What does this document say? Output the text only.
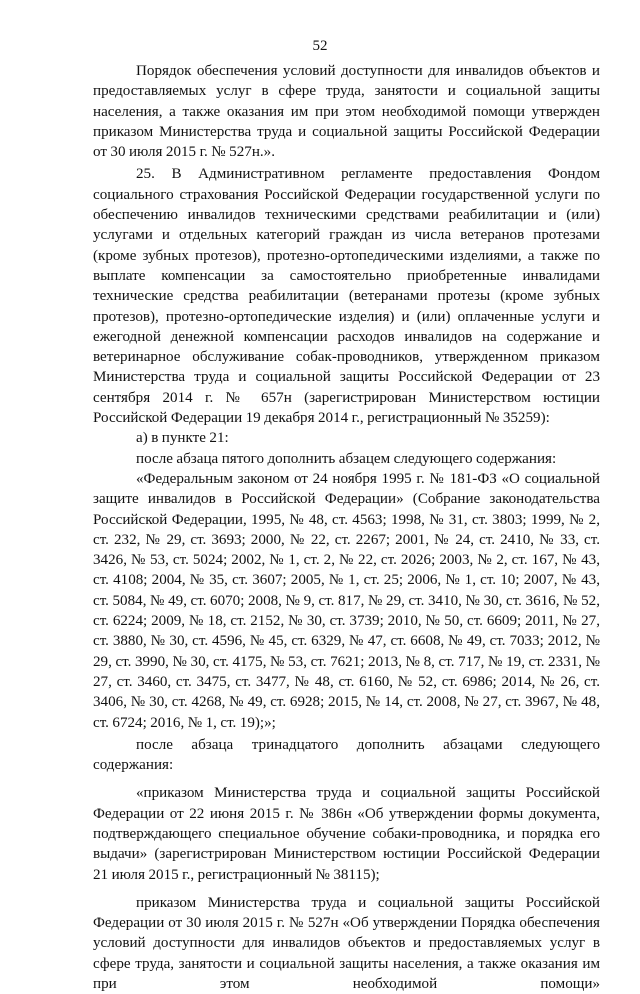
52

Порядок обеспечения условий доступности для инвалидов объектов и предоставляемых услуг в сфере труда, занятости и социальной защиты населения, а также оказания им при этом необходимой помощи утвержден приказом Министерства труда и социальной защиты Российской Федерации от 30 июля 2015 г. № 527н.».

25. В Административном регламенте предоставления Фондом социального страхования Российской Федерации государственной услуги по обеспечению инвалидов техническими средствами реабилитации и (или) услугами и отдельных категорий граждан из числа ветеранов протезами (кроме зубных протезов), протезно-ортопедическими изделиями, а также по выплате компенсации за самостоятельно приобретенные инвалидами технические средства реабилитации (ветеранами протезы (кроме зубных протезов), протезно-ортопедические изделия) и (или) оплаченные услуги и ежегодной денежной компенсации расходов инвалидов на содержание и ветеринарное обслуживание собак-проводников, утвержденном приказом Министерства труда и социальной защиты Российской Федерации от 23 сентября 2014 г. № 657н (зарегистрирован Министерством юстиции Российской Федерации 19 декабря 2014 г., регистрационный № 35259):

а) в пункте 21:

после абзаца пятого дополнить абзацем следующего содержания:

«Федеральным законом от 24 ноября 1995 г. № 181-ФЗ «О социальной защите инвалидов в Российской Федерации» (Собрание законодательства Российской Федерации, 1995, № 48, ст. 4563; 1998, № 31, ст. 3803; 1999, № 2, ст. 232, № 29, ст. 3693; 2000, № 22, ст. 2267; 2001, № 24, ст. 2410, № 33, ст. 3426, № 53, ст. 5024; 2002, № 1, ст. 2, № 22, ст. 2026; 2003, № 2, ст. 167, № 43, ст. 4108; 2004, № 35, ст. 3607; 2005, № 1, ст. 25; 2006, № 1, ст. 10; 2007, № 43, ст. 5084, № 49, ст. 6070; 2008, № 9, ст. 817, № 29, ст. 3410, № 30, ст. 3616, № 52, ст. 6224; 2009, № 18, ст. 2152, № 30, ст. 3739; 2010, № 50, ст. 6609; 2011, № 27, ст. 3880, № 30, ст. 4596, № 45, ст. 6329, № 47, ст. 6608, № 49, ст. 7033; 2012, № 29, ст. 3990, № 30, ст. 4175, № 53, ст. 7621; 2013, № 8, ст. 717, № 19, ст. 2331, № 27, ст. 3460, ст. 3475, ст. 3477, № 48, ст. 6160, № 52, ст. 6986; 2014, № 26, ст. 3406, № 30, ст. 4268, № 49, ст. 6928; 2015, № 14, ст. 2008, № 27, ст. 3967, № 48, ст. 6724; 2016, № 1, ст. 19);»;

после абзаца тринадцатого дополнить абзацами следующего содержания:

«приказом Министерства труда и социальной защиты Российской Федерации от 22 июня 2015 г. № 386н «Об утверждении формы документа, подтверждающего специальное обучение собаки-проводника, и порядка его выдачи» (зарегистрирован Министерством юстиции Российской Федерации 21 июля 2015 г., регистрационный № 38115);

приказом Министерства труда и социальной защиты Российской Федерации от 30 июля 2015 г. № 527н «Об утверждении Порядка обеспечения условий доступности для инвалидов объектов и предоставляемых услуг в сфере труда, занятости и социальной защиты населения, а также оказания им при этом необходимой помощи»
